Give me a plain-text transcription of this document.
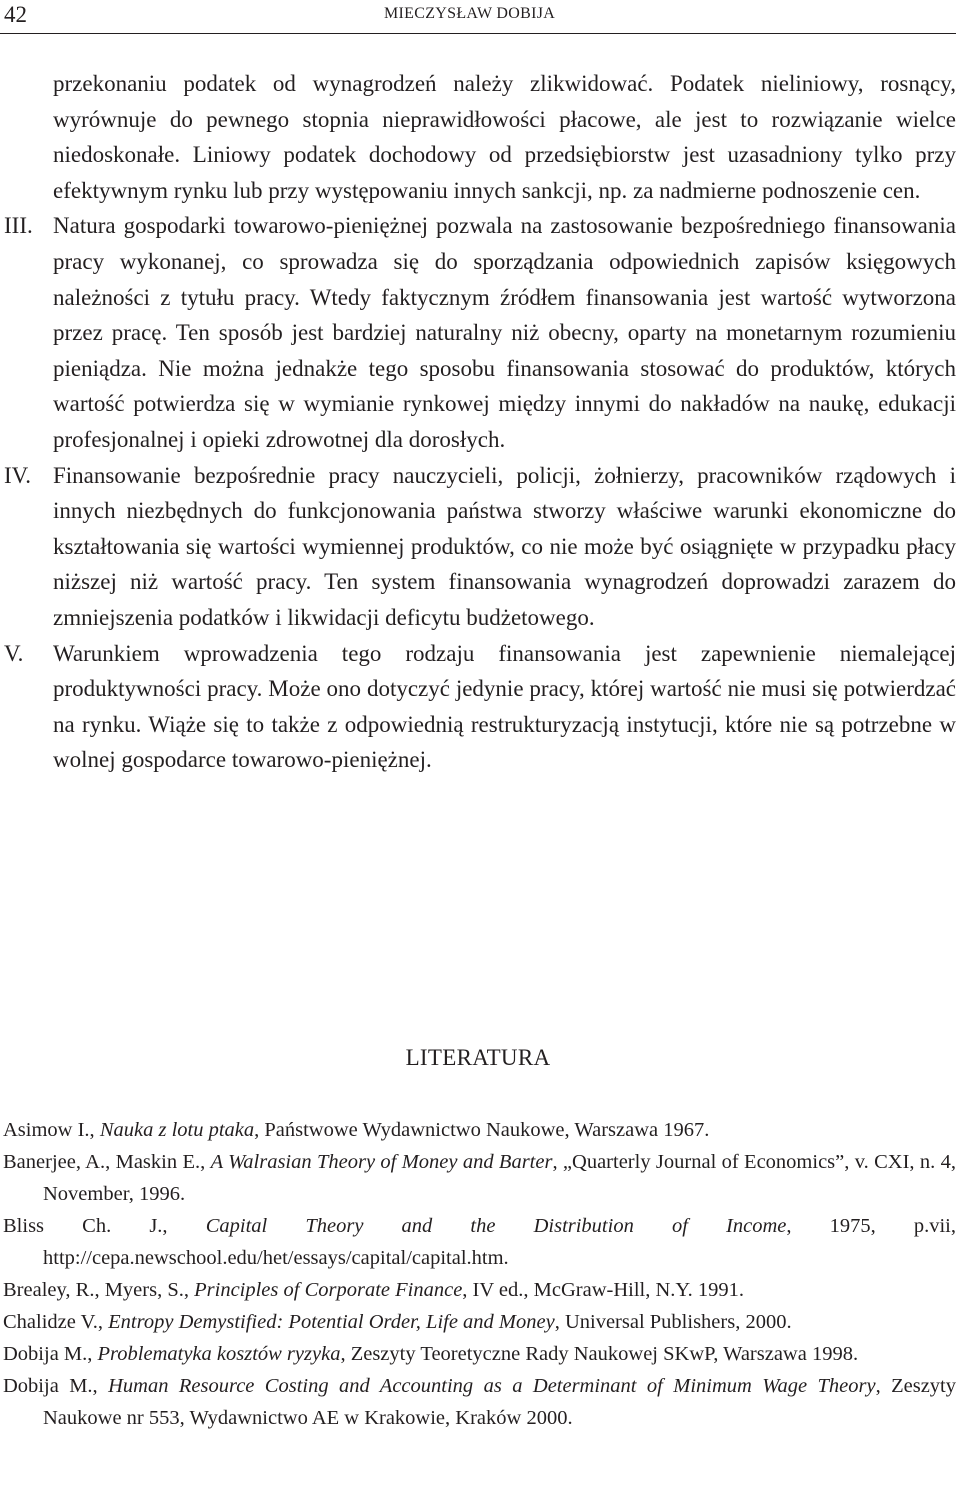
42	MIECZYSŁAW DOBIJA

przekonaniu podatek od wynagrodzeń należy zlikwidować. Podatek nieliniowy, rosnący, wyrównuje do pewnego stopnia nieprawidłowości płacowe, ale jest to rozwiązanie wielce niedoskonałe. Liniowy podatek dochodowy od przedsiębiorstw jest uzasadniony tylko przy efektywnym rynku lub przy występowaniu innych sankcji, np. za nadmierne podnoszenie cen.

III. Natura gospodarki towarowo-pieniężnej pozwala na zastosowanie bezpośredniego finansowania pracy wykonanej, co sprowadza się do sporządzania odpowiednich zapisów księgowych należności z tytułu pracy. Wtedy faktycznym źródłem finansowania jest wartość wytworzona przez pracę. Ten sposób jest bardziej naturalny niż obecny, oparty na monetarnym rozumieniu pieniądza. Nie można jednakże tego sposobu finansowania stosować do produktów, których wartość potwierdza się w wymianie rynkowej między innymi do nakładów na naukę, edukacji profesjonalnej i opieki zdrowotnej dla dorosłych.

IV. Finansowanie bezpośrednie pracy nauczycieli, policji, żołnierzy, pracowników rządowych i innych niezbędnych do funkcjonowania państwa stworzy właściwe warunki ekonomiczne do kształtowania się wartości wymiennej produktów, co nie może być osiągnięte w przypadku płacy niższej niż wartość pracy. Ten system finansowania wynagrodzeń doprowadzi zarazem do zmniejszenia podatków i likwidacji deficytu budżetowego.

V. Warunkiem wprowadzenia tego rodzaju finansowania jest zapewnienie niemalejącej produktywności pracy. Może ono dotyczyć jedynie pracy, której wartość nie musi się potwierdzać na rynku. Wiąże się to także z odpowiednią restrukturyzacją instytucji, które nie są potrzebne w wolnej gospodarce towarowo-pieniężnej.

LITERATURA

Asimow I., Nauka z lotu ptaka, Państwowe Wydawnictwo Naukowe, Warszawa 1967.

Banerjee, A., Maskin E., A Walrasian Theory of Money and Barter, „Quarterly Journal of Economics”, v. CXI, n. 4, November, 1996.

Bliss Ch. J., Capital Theory and the Distribution of Income, 1975, p.vii, http://cepa.newschool.edu/het/essays/capital/capital.htm.

Brealey, R., Myers, S., Principles of Corporate Finance, IV ed., McGraw-Hill, N.Y. 1991.

Chalidze V., Entropy Demystified: Potential Order, Life and Money, Universal Publishers, 2000.

Dobija M., Problematyka kosztów ryzyka, Zeszyty Teoretyczne Rady Naukowej SKwP, Warszawa 1998.

Dobija M., Human Resource Costing and Accounting as a Determinant of Minimum Wage Theory, Zeszyty Naukowe nr 553, Wydawnictwo AE w Krakowie, Kraków 2000.
